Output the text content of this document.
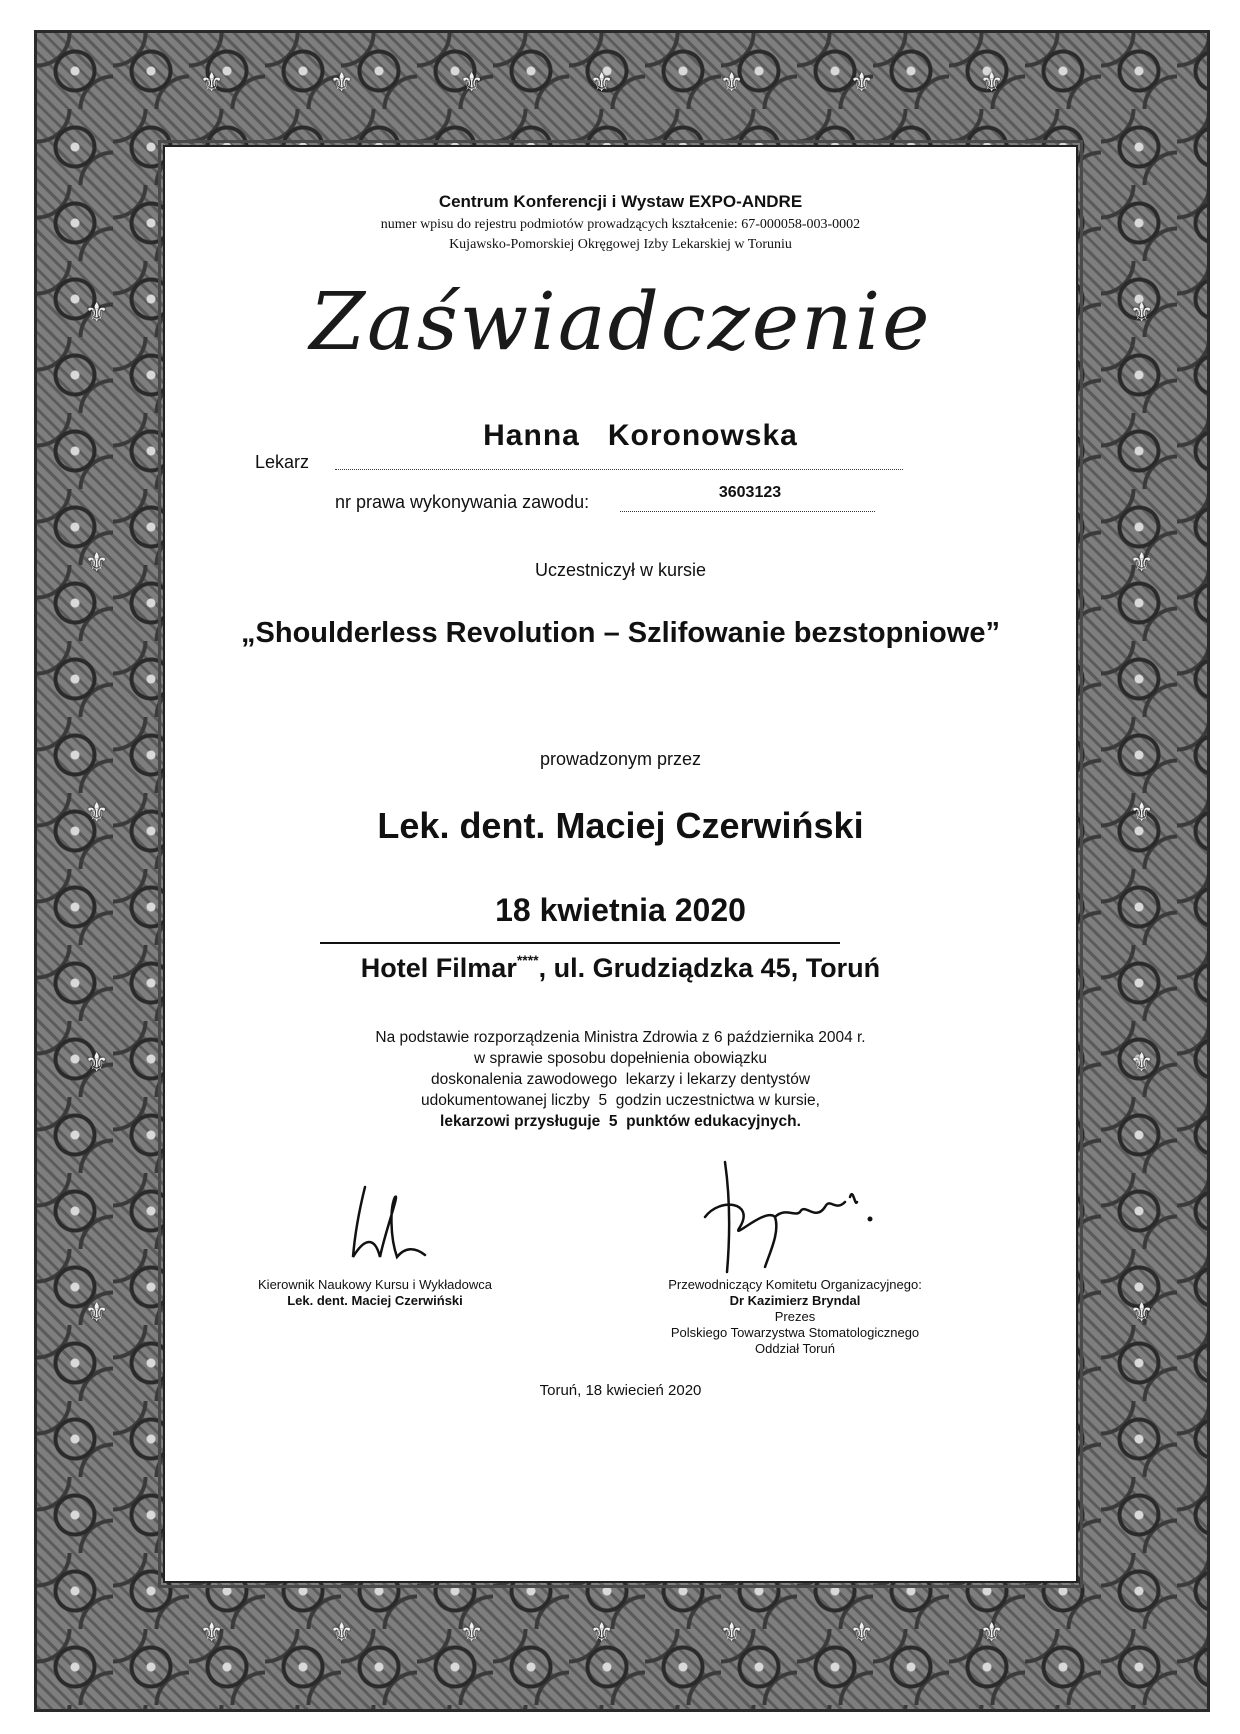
⚜	⚜	⚜	⚜	⚜	⚜	⚜
⚜	⚜	⚜	⚜	⚜	⚜	⚜
⚜
⚜
⚜
⚜
⚜
⚜
⚜
⚜
⚜
⚜
Centrum Konferencji i Wystaw EXPO-ANDRE
numer wpisu do rejestru podmiotów prowadzących kształcenie: 67-000058-003-0002
Kujawsko-Pomorskiej Okręgowej Izby Lekarskiej w Toruniu
Zaświadczenie
Lekarz
Hanna   Koronowska
nr prawa wykonywania zawodu:	3603123
Uczestniczył w kursie
„Shoulderless Revolution – Szlifowanie bezstopniowe”
prowadzonym przez
Lek. dent. Maciej Czerwiński
18 kwietnia 2020
Hotel Filmar****, ul. Grudziądzka 45, Toruń
Na podstawie rozporządzenia Ministra Zdrowia z 6 października 2004 r.
w sprawie sposobu dopełnienia obowiązku
doskonalenia zawodowego  lekarzy i lekarzy dentystów
udokumentowanej liczby  5  godzin uczestnictwa w kursie,
lekarzowi przysługuje  5  punktów edukacyjnych.
Kierownik Naukowy Kursu i Wykładowca
Lek. dent. Maciej Czerwiński
Przewodniczący Komitetu Organizacyjnego:
Dr Kazimierz Bryndal
Prezes
Polskiego Towarzystwa Stomatologicznego
Oddział Toruń
Toruń, 18 kwiecień 2020
